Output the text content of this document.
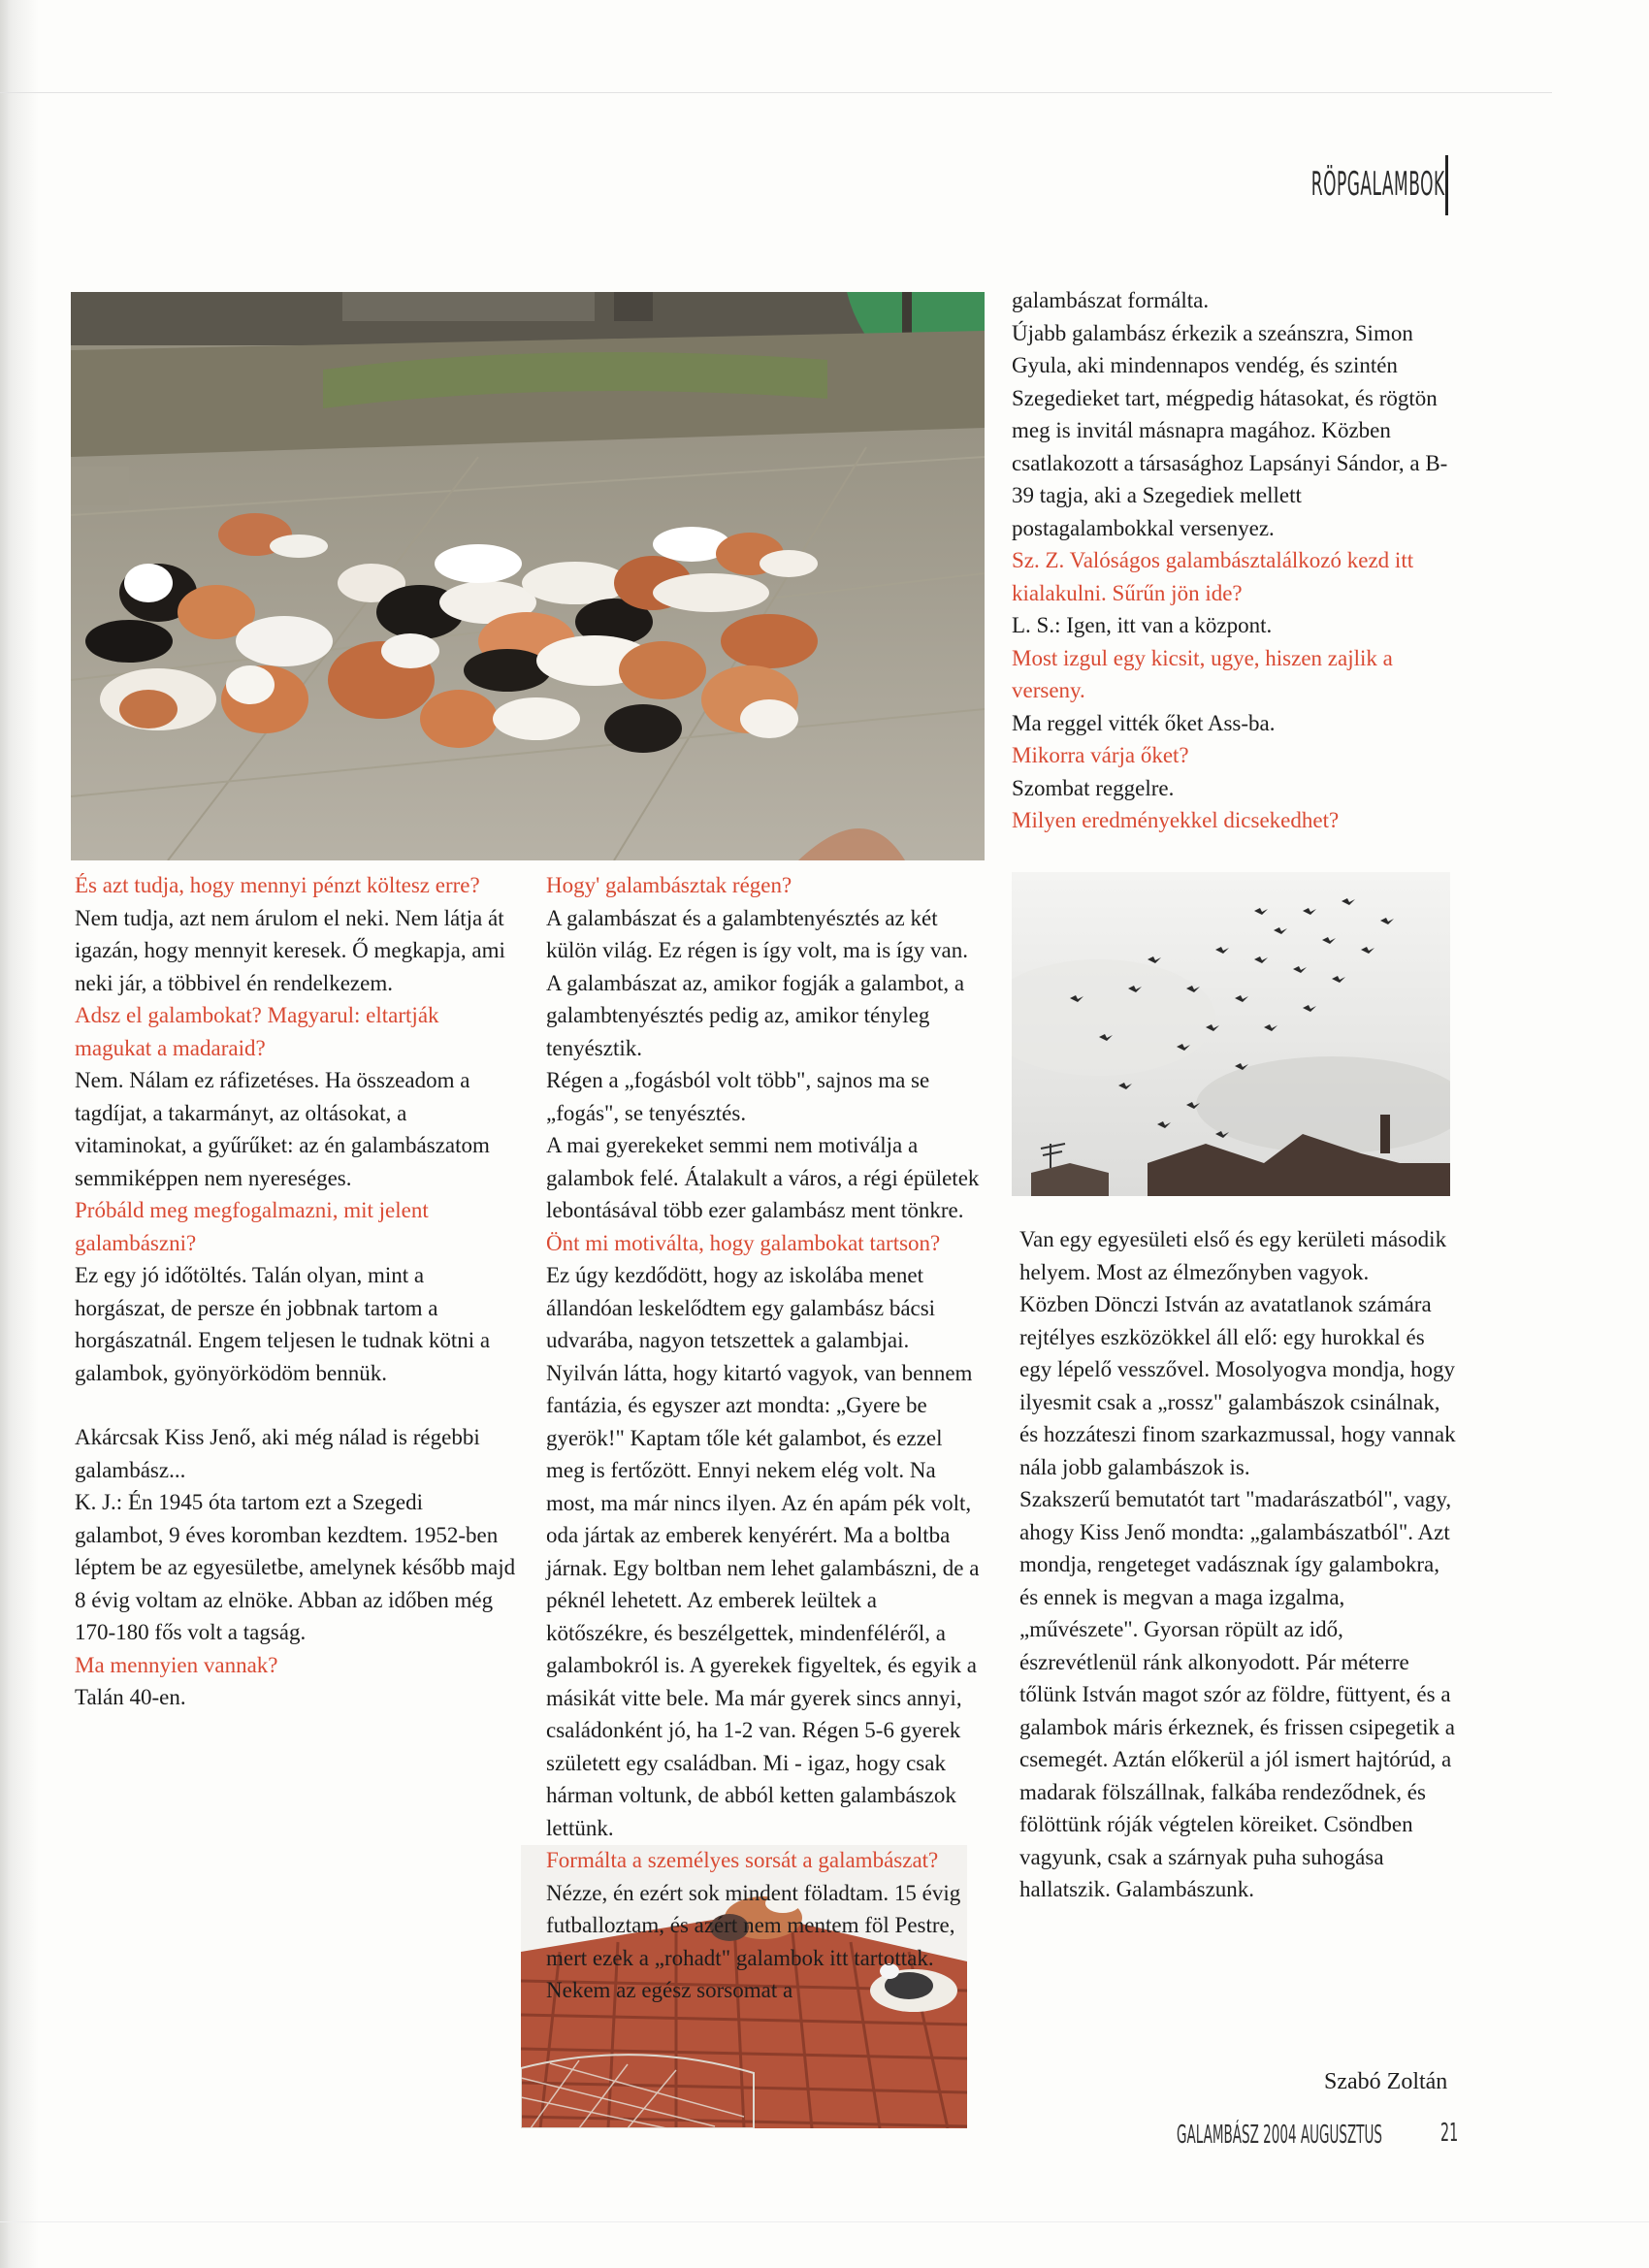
RÖPGALAMBOK

És azt tudja, hogy mennyi pénzt költesz erre?

Nem tudja, azt nem árulom el neki. Nem látja át igazán, hogy mennyit keresek. Ő megkapja, ami neki jár, a többivel én rendelkezem.

Adsz el galambokat? Magyarul: eltartják magukat a madaraid?

Nem. Nálam ez ráfizetéses. Ha összeadom a tagdíjat, a takarmányt, az oltásokat, a vitaminokat, a gyűrűket: az én galambászatom semmiképpen nem nyereséges.

Próbáld meg megfogalmazni, mit jelent galambászni?

Ez egy jó időtöltés. Talán olyan, mint a horgászat, de persze én jobbnak tartom a horgászatnál. Engem teljesen le tudnak kötni a galambok, gyönyörködöm bennük.

Akárcsak Kiss Jenő, aki még nálad is régebbi galambász...

K. J.: Én 1945 óta tartom ezt a Szegedi galambot, 9 éves koromban kezdtem. 1952-ben léptem be az egyesületbe, amelynek később majd 8 évig voltam az elnöke. Abban az időben még 170-180 fős volt a tagság.

Ma mennyien vannak?

Talán 40-en.

Hogy' galambásztak régen?

A galambászat és a galambtenyésztés az két külön világ. Ez régen is így volt, ma is így van. A galambászat az, amikor fogják a galambot, a galambtenyésztés pedig az, amikor tényleg tenyésztik.

Régen a „fogásból volt több", sajnos ma se „fogás", se tenyésztés.

A mai gyerekeket semmi nem motiválja a galambok felé. Átalakult a város, a régi épületek lebontásával több ezer galambász ment tönkre.

Önt mi motiválta, hogy galambokat tartson?

Ez úgy kezdődött, hogy az iskolába menet állandóan leskelődtem egy galambász bácsi udvarába, nagyon tetszettek a galambjai. Nyilván látta, hogy kitartó vagyok, van bennem fantázia, és egyszer azt mondta: „Gyere be gyerök!" Kaptam tőle két galambot, és ezzel meg is fertőzött. Ennyi nekem elég volt. Na most, ma már nincs ilyen. Az én apám pék volt, oda jártak az emberek kenyérért. Ma a boltba járnak. Egy boltban nem lehet galambászni, de a péknél lehetett. Az emberek leültek a kötőszékre, és beszélgettek, mindenféléről, a galambokról is. A gyerekek figyeltek, és egyik a másikát vitte bele. Ma már gyerek sincs annyi, családonként jó, ha 1-2 van. Régen 5-6 gyerek született egy családban. Mi - igaz, hogy csak hárman voltunk, de abból ketten galambászok lettünk.

Formálta a személyes sorsát a galambászat?

Nézze, én ezért sok mindent föladtam. 15 évig futballoztam, és azért nem mentem föl Pestre, mert ezek a „rohadt" galambok itt tartottak. Nekem az egész sorsomat a

galambászat formálta.

Újabb galambász érkezik a szeánszra, Simon Gyula, aki mindennapos vendég, és szintén Szegedieket tart, mégpedig hátasokat, és rögtön meg is invitál másnapra magához. Közben csatlakozott a társasághoz Lapsányi Sándor, a B-39 tagja, aki a Szegediek mellett postagalambokkal versenyez.

Sz. Z. Valóságos galambásztalálkozó kezd itt kialakulni. Sűrűn jön ide?

L. S.: Igen, itt van a központ.

Most izgul egy kicsit, ugye, hiszen zajlik a verseny.

Ma reggel vitték őket Ass-ba.

Mikorra várja őket?

Szombat reggelre.

Milyen eredményekkel dicsekedhet?

Van egy egyesületi első és egy kerületi második helyem. Most az élmezőnyben vagyok.

Közben Dönczi István az avatatlanok számára rejtélyes eszközökkel áll elő: egy hurokkal és egy lépelő vesszővel. Mosolyogva mondja, hogy ilyesmit csak a „rossz" galambászok csinálnak, és hozzáteszi finom szarkazmussal, hogy vannak nála jobb galambászok is.

Szakszerű bemutatót tart "madarászatból", vagy, ahogy Kiss Jenő mondta: „galambászatból". Azt mondja, rengeteget vadásznak így galambokra, és ennek is megvan a maga izgalma, „művészete". Gyorsan röpült az idő, észrevétlenül ránk alkonyodott. Pár méterre tőlünk István magot szór az földre, füttyent, és a galambok máris érkeznek, és frissen csipegetik a csemegét. Aztán előkerül a jól ismert hajtórúd, a madarak fölszállnak, falkába rendeződnek, és fölöttünk róják végtelen köreiket. Csöndben vagyunk, csak a szárnyak puha suhogása hallatszik. Galambászunk.

Szabó Zoltán
GALAMBÁSZ 2004 AUGUSZTUS 21
